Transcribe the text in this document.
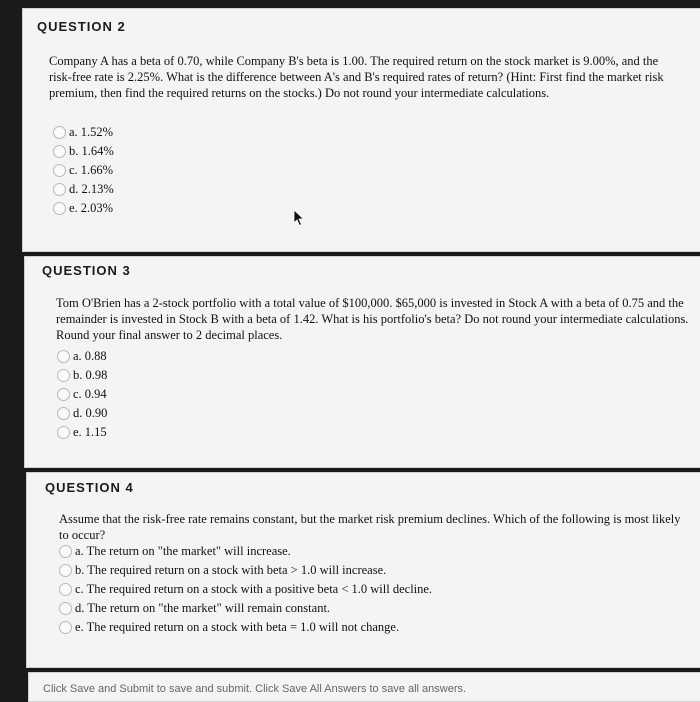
QUESTION 2
Company A has a beta of 0.70, while Company B's beta is 1.00. The required return on the stock market is 9.00%, and the risk-free rate is 2.25%. What is the difference between A's and B's required rates of return? (Hint: First find the market risk premium, then find the required returns on the stocks.) Do not round your intermediate calculations.
a. 1.52%
b. 1.64%
c. 1.66%
d. 2.13%
e. 2.03%
QUESTION 3
Tom O'Brien has a 2-stock portfolio with a total value of $100,000. $65,000 is invested in Stock A with a beta of 0.75 and the remainder is invested in Stock B with a beta of 1.42. What is his portfolio's beta? Do not round your intermediate calculations. Round your final answer to 2 decimal places.
a. 0.88
b. 0.98
c. 0.94
d. 0.90
e. 1.15
QUESTION 4
Assume that the risk-free rate remains constant, but the market risk premium declines. Which of the following is most likely to occur?
a. The return on "the market" will increase.
b. The required return on a stock with beta > 1.0 will increase.
c. The required return on a stock with a positive beta < 1.0 will decline.
d. The return on "the market" will remain constant.
e. The required return on a stock with beta = 1.0 will not change.
Click Save and Submit to save and submit. Click Save All Answers to save all answers.
